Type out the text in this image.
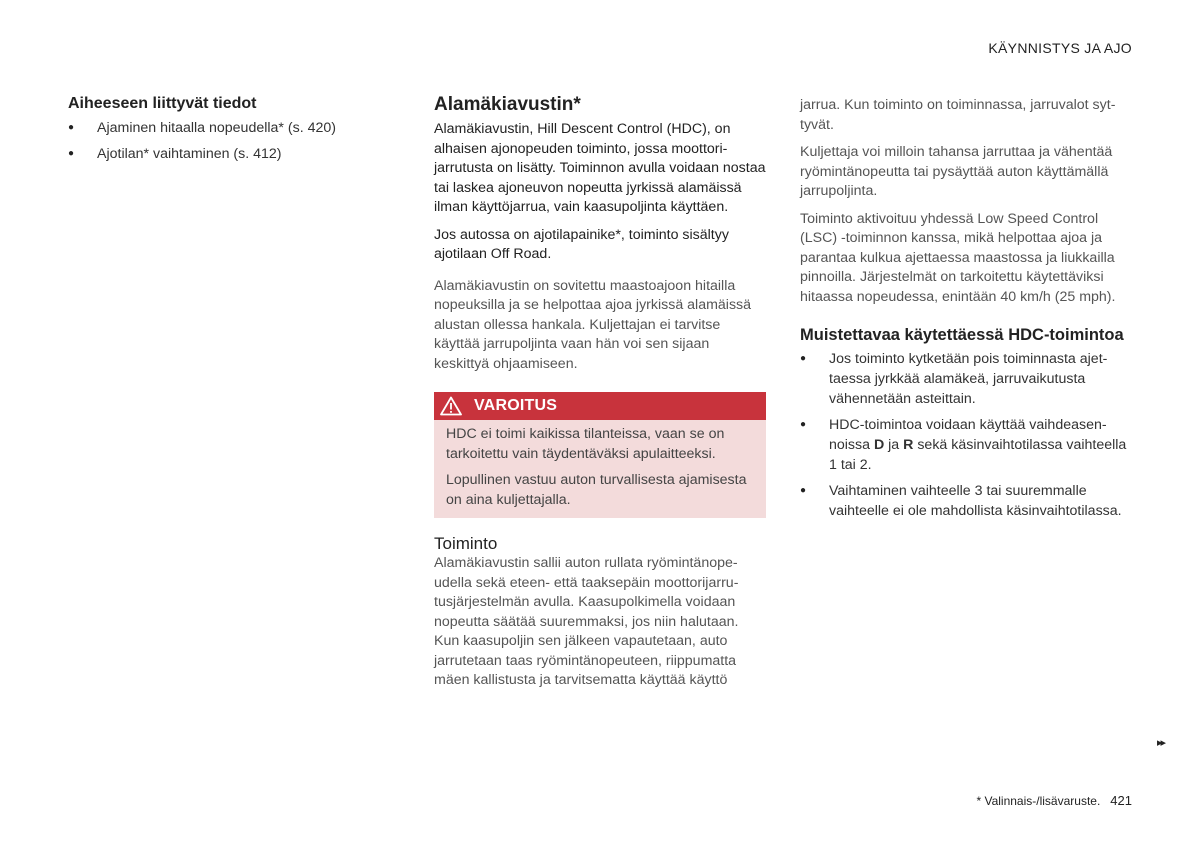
KÄYNNISTYS JA AJO
Aiheeseen liittyvät tiedot
● Ajaminen hitaalla nopeudella* (s. 420)
● Ajotilan* vaihtaminen (s. 412)
Alamäkiavustin*

Alamäkiavustin, Hill Descent Control (HDC), on alhaisen ajonopeuden toiminto, jossa moottorijarrutusta on lisätty. Toiminnon avulla voidaan nostaa tai laskea ajoneuvon nopeutta jyrkissä alamäissä ilman käyttöjarrua, vain kaasupoljinta käyttäen.

Jos autossa on ajotilapainike*, toiminto sisältyy ajotilaan Off Road.

Alamäkiavustin on sovitettu maastoajoon hitailla nopeuksilla ja se helpottaa ajoa jyrkissä alamäissä alustan ollessa hankala. Kuljettajan ei tarvitse käyttää jarrupoljinta vaan hän voi sen sijaan keskittyä ohjaamiseen.

VAROITUS

HDC ei toimi kaikissa tilanteissa, vaan se on tarkoitettu vain täydentäväksi apulaitteeksi.

Lopullinen vastuu auton turvallisesta ajamisesta on aina kuljettajalla.

Toiminto

Alamäkiavustin sallii auton rullata ryömintänopeudella sekä eteen- että taaksepäin moottorijarrutusjärjestelmän avulla. Kaasupolkimella voidaan nopeutta säätää suuremmaksi, jos niin halutaan. Kun kaasupoljin sen jälkeen vapautetaan, auto jarrutetaan taas ryömintänopeuteen, riippumatta mäen kallistusta ja tarvitsematta käyttää käyttö

jarrua. Kun toiminto on toiminnassa, jarruvalot syttyvät.

Kuljettaja voi milloin tahansa jarruttaa ja vähentää ryömintänopeutta tai pysäyttää auton käyttämällä jarrupoljinta.

Toiminto aktivoituu yhdessä Low Speed Control (LSC) -toiminnon kanssa, mikä helpottaa ajoa ja parantaa kulkua ajettaessa maastossa ja liukkailla pinnoilla. Järjestelmät on tarkoitettu käytettäviksi hitaassa nopeudessa, enintään 40 km/h (25 mph).

Muistettavaa käytettäessä HDC-toimintoa
● Jos toiminto kytketään pois toiminnasta ajettaessa jyrkkää alamäkeä, jarruvaikutusta vähennetään asteittain.
● HDC-toimintoa voidaan käyttää vaihdeasennoissa D ja R sekä käsinvaihtotilassa vaihteella 1 tai 2.
● Vaihtaminen vaihteelle 3 tai suuremmalle vaihteelle ei ole mahdollista käsinvaihtotilassa.
▸▸
* Valinnais-/lisävaruste. 421
